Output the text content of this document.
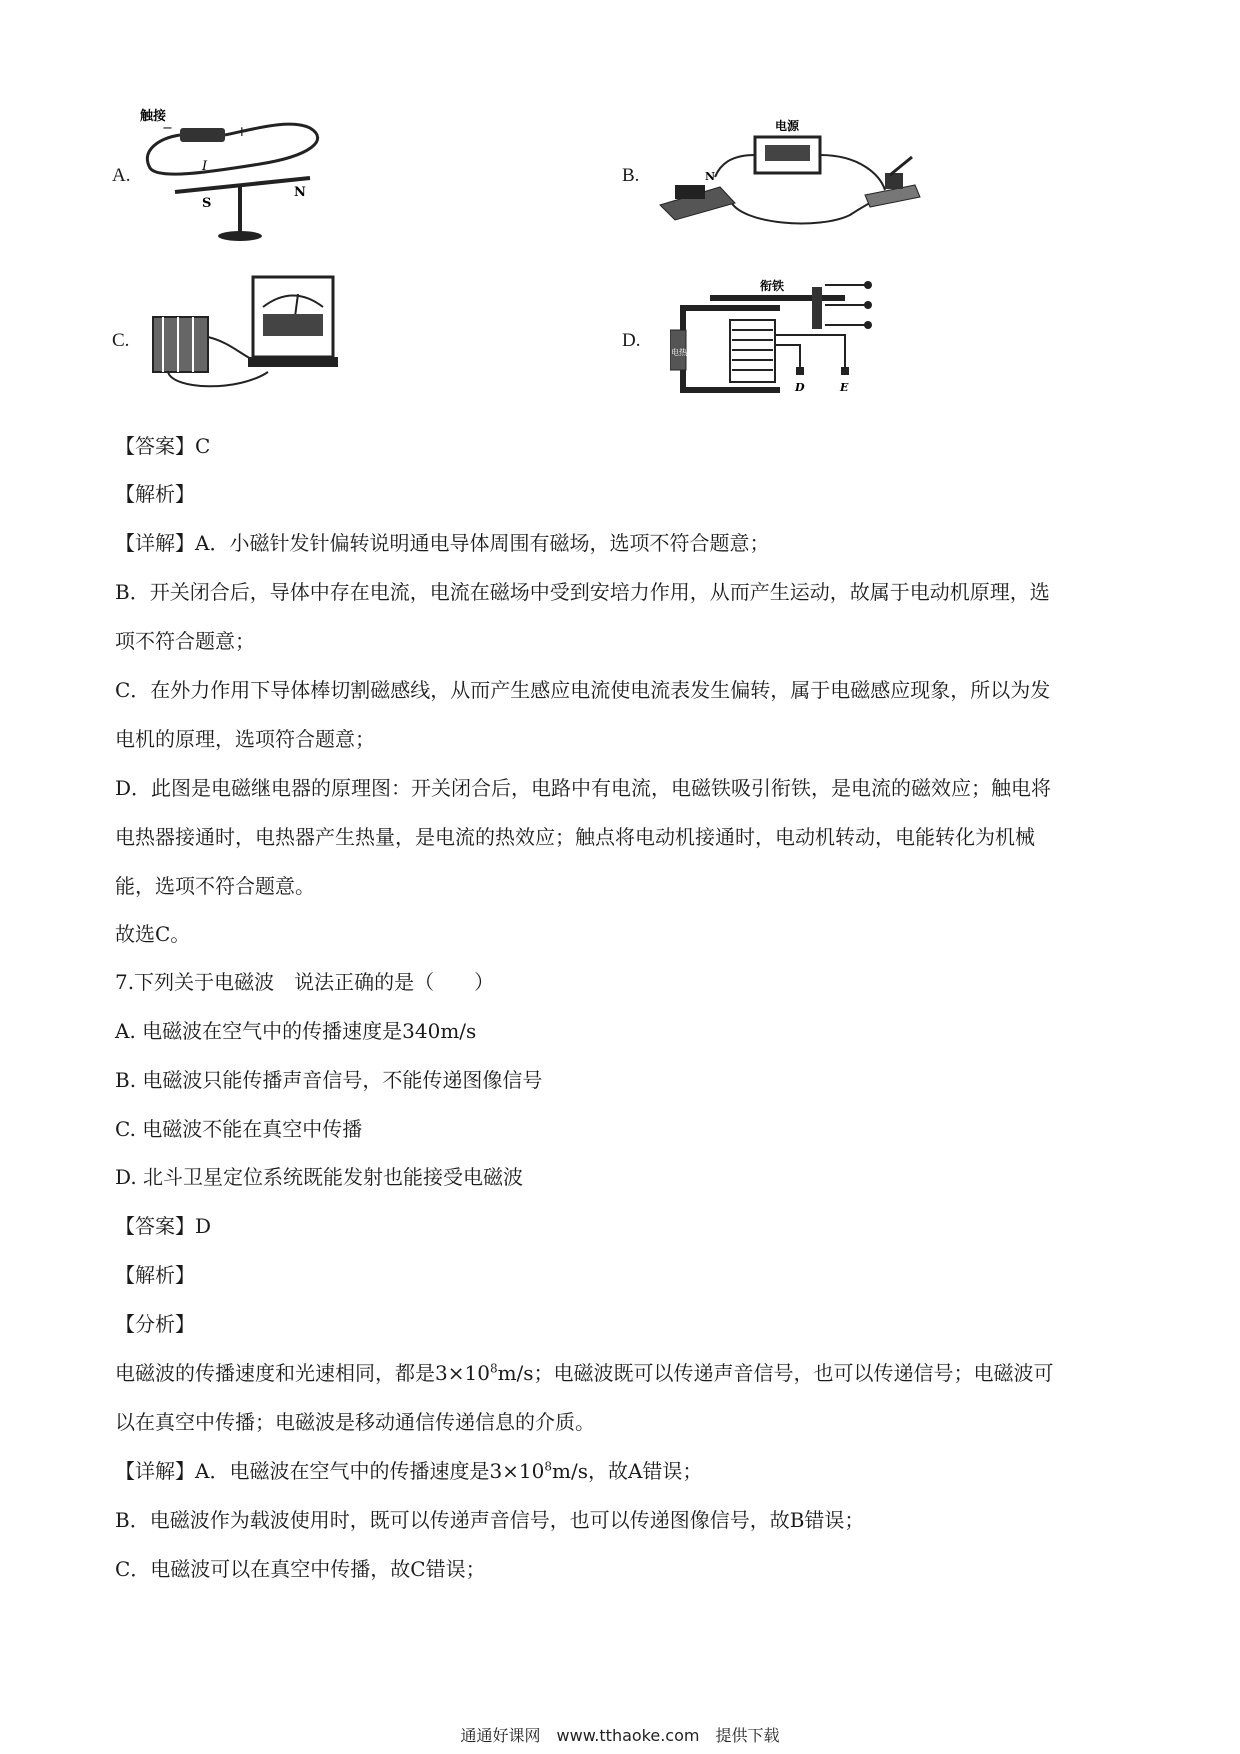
A.
触接
−	+
I
S
N
B.
电源
N
C.	D.
衔铁
电热
D	E
【答案】C
【解析】
【详解】A．小磁针发针偏转说明通电导体周围有磁场，选项不符合题意；
B．开关闭合后，导体中存在电流，电流在磁场中受到安培力作用，从而产生运动，故属于电动机原理，选
项不符合题意；
C．在外力作用下导体棒切割磁感线，从而产生感应电流使电流表发生偏转，属于电磁感应现象，所以为发
电机的原理，选项符合题意；
D．此图是电磁继电器的原理图：开关闭合后，电路中有电流，电磁铁吸引衔铁，是电流的磁效应；触电将
电热器接通时，电热器产生热量，是电流的热效应；触点将电动机接通时，电动机转动，电能转化为机械
能，选项不符合题意。
故选C。
7.下列关于电磁波　说法正确的是（　　）
A. 电磁波在空气中的传播速度是340m/s
B. 电磁波只能传播声音信号，不能传递图像信号
C. 电磁波不能在真空中传播
D. 北斗卫星定位系统既能发射也能接受电磁波
【答案】D
【解析】
【分析】
电磁波的传播速度和光速相同，都是$3\times 10^8m/s$；电磁波既可以传递声音信号，也可以传递信号；电磁波可
以在真空中传播；电磁波是移动通信传递信息的介质。
【详解】A．电磁波在空气中的传播速度是$3\times 10^8m/s$，故A错误；
B．电磁波作为载波使用时，既可以传递声音信号，也可以传递图像信号，故B错误；
C．电磁波可以在真空中传播，故C错误；
通通好课网　www.tthaoke.com　提供下载
